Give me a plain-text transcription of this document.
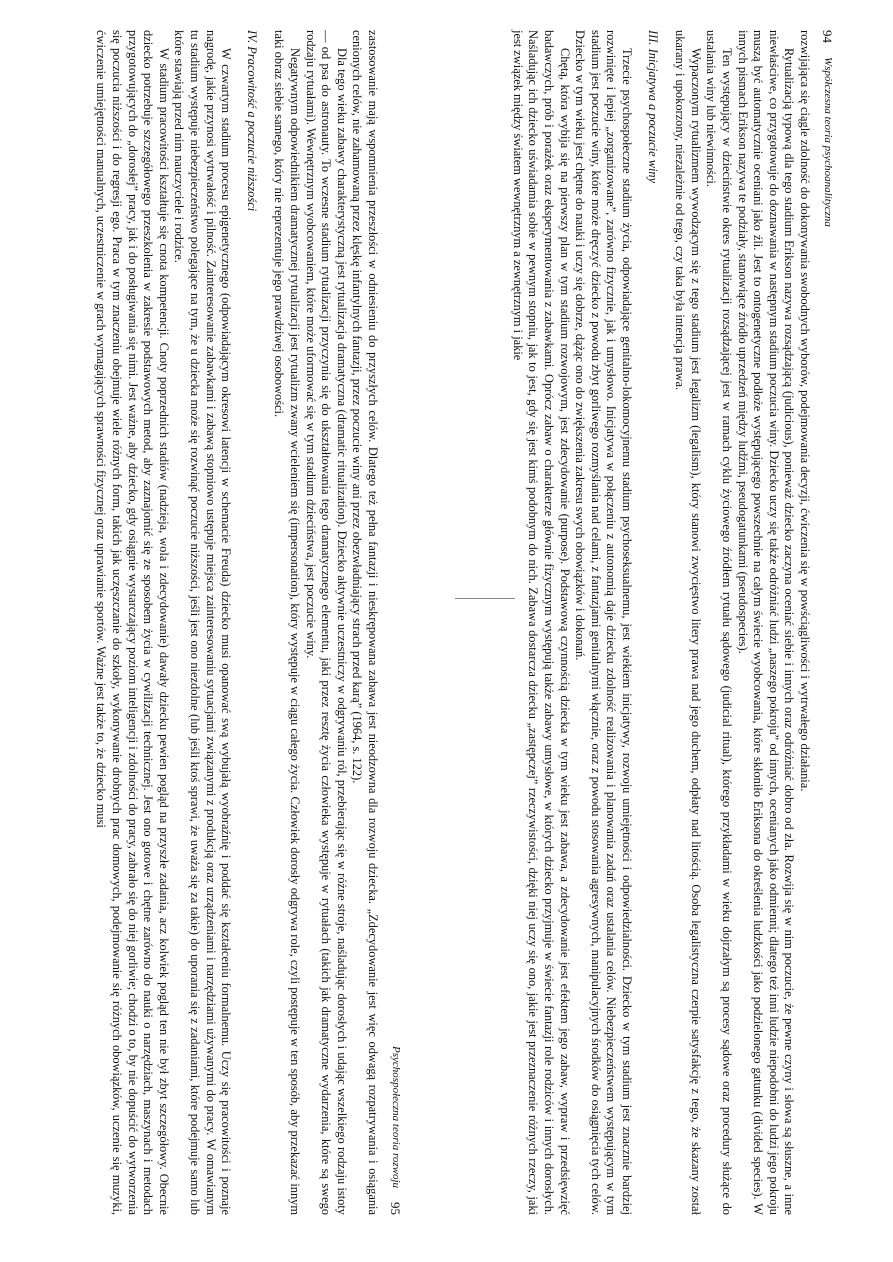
94
Współczesna teoria psychoanalityczna

rozwijająca się ciągle zdolność do dokonywania swobodnych wyborów, podejmowania decyzji, ćwiczenia się w powściągliwości i wytrwałego działania.

Rytualizacją typową dla tego stadium Erikson nazywa rozsądzającą (judicious), ponieważ dziecko zaczyna oceniać siebie i innych oraz odróżniać dobro od zła. Rozwija się w nim poczucie, że pewne czyny i słowa są słuszne, a inne niewłaściwe, co przygotowuje do doznawania w następnym stadium poczucia winy. Dziecko uczy się także odróżniać ludzi „naszego pokroju” od innych, ocenianych jako odmienni; dlatego też inni ludzie niepodobni do ludzi jego pokroju muszą być automatycznie oceniani jako źli. Jest to ontogenetyczne podłoże występującego powszechnie na całym świecie wyobcowania, które skłoniło Eriksona do określenia ludzkości jako podzielonego gatunku (divided species). W innych pismach Erikson nazywa te podziały, stanowiące źródło uprzedzeń między ludźmi, pseudogatunkami (pseudospecies).

Ten występujący w dzieciństwie okres rytualizacji rozsądzającej jest w ramach cyklu życiowego źródłem rytuału sądowego (judicial ritual), którego przykładami w wieku dojrzałym są procesy sądowe oraz procedury służące do ustalania winy lub niewinności.

Wypaczonym rytualizmem wywodzącym się z tego stadium jest legalizm (legalism), który stanowi zwycięstwo litery prawa nad jego duchem, odpłaty nad litością. Osoba legalistyczna czerpie satysfakcję z tego, że skazany został ukarany i upokorzony, niezależnie od tego, czy taka była intencja prawa.

III. Inicjatywa a poczucie winy

Trzecie psychospołeczne stadium życia, odpowiadające genitalno-lokomocyjnemu stadium psychoseksualnemu, jest wiekiem inicjatywy, rozwoju umiejętności i odpowiedzialności. Dziecko w tym stadium jest znacznie bardziej rozwinięte i lepiej „zorganizowane”, zarówno fizycznie, jak i umysłowo. Inicjatywa w połączeniu z autonomią daje dziecku zdolność realizowania i planowania zadań oraz ustalania celów. Niebezpieczeństwem występującym w tym stadium jest poczucie winy, które może dręczyć dziecko z powodu zbyt gorliwego rozmyślania nad celami, z fantazjami genitalnymi włącznie, oraz z powodu stosowania agresywnych, manipulacyjnych środków do osiągnięcia tych celów. Dziecko w tym wieku jest chętne do nauki i uczy się dobrze, dążąc ono do zwiększenia zakresu swych obowiązków i dokonań.

Chętą, która wybija się na pierwszy plan w tym stadium rozwojowym, jest zdecydowanie (purpose). Podstawową czynnością dziecka w tym wieku jest zabawa, a zdecydowanie jest efektem jego zabaw, wypraw i przedsięwzięć badawczych, prób i porażek oraz eksperymentowania z zabawkami. Oprócz zabaw o charakterze głównie fizycznym występują także zabawy umysłowe, w których dziecko przyjmuje w świecie fantazji role rodziców i innych dorosłych. Naśladując ich dziecko uświadamia sobie w pewnym stopniu, jak to jest, gdy się jest kimś podobnym do nich. Zabawa dostarcza dziecku „zastępczej” rzeczywistości, dzięki niej uczy się ono, jakie jest przeznaczenie różnych rzeczy, jaki jest związek między światem wewnętrznym a zewnętrznym i jakie

Psychospołeczna teoria rozwoju
95

zastosowanie mają wspomnienia przeszłości w odniesieniu do przyszłych celów. Dlatego też pełna fantazji i nieskrępowana zabawa jest nieodzowna dla rozwoju dziecka. „Zdecydowanie jest więc odwagą rozpatrywania i osiągania cenionych celów, nie zahamowaną przez klęskę infantylnych fantazji, przez poczucie winy ani przez obezwładniający strach przed karą” (1964, s. 122).

Dla tego wieku zabawy charakterystyczną jest rytualizacja dramatyczna (dramatic ritualization). Dziecko aktywnie uczestniczy w odgrywaniu ról, przebierając się w różne stroje, naśladując dorosłych i udając wszelkiego rodzaju istoty — od psa do astronauty. To wczesne stadium rytualizacji przyczynia się do ukształtowania tego dramatycznego elementu, jaki przez resztę życia człowieka występuje w rytuałach (takich jak dramatyczne wydarzenia, które są swego rodzaju rytuałami). Wewnętrznym wyobcowaniem, które może uformować się w tym stadium dzieciństwa, jest poczucie winy.

Negatywnym odpowiednikiem dramatycznej rytualizacji jest rytualizm zwany wcieleniem się (impersonation), który występuje w ciągu całego życia. Człowiek dorosły odgrywa role, czyli postępuje w ten sposób, aby przekazać innym taki obraz siebie samego, który nie reprezentuje jego prawdziwej osobowości.

IV. Pracowitość a poczucie niższości

W czwartym stadium procesu epigenetycznego (odpowiadającym okresowi latencji w schemacie Freuda) dziecko musi opanować swą wybujałą wyobraźnię i poddać się kształceniu formalnemu. Uczy się pracowitości i poznaje nagrodę, jakie przynosi wytrwałość i pilność. Zainteresowanie zabawkami i zabawą stopniowo ustępuje miejsca zainteresowaniu sytuacjami związanymi z produkcją oraz urządzeniami i narzędziami używanymi do pracy. W omawianym tu stadium występuje niebezpieczeństwo polegające na tym, że u dziecka może się rozwinąć poczucie niższości, jeśli jest ono niezdolne (lub jeśli ktoś sprawi, że uważa się za takie) do uporania się z zadaniami, które podejmuje samo lub które stawiają przed nim nauczyciele i rodzice.

W stadium pracowitości kształtuje się cnota kompetencji. Cnoty poprzednich stadiów (nadzieja, wola i zdecydowanie) dawały dziecku pewien pogląd na przyszłe zadania, acz kolwiek pogląd ten nie był zbyt szczegółowy. Obecnie dziecko potrzebuje szczegółowego przeszkolenia w zakresie podstawowych metod, aby zaznajomić się ze sposobem życia w cywilizacji technicznej. Jest ono gotowe i chętne zarówno do nauki o narzędziach, maszynach i metodach przygotowujących do „dorosłej” pracy, jak i do posługiwania się nimi. Jest ważne, aby dziecko, gdy osiągnie wystarczający poziom inteligencji i zdolności do pracy, zabrało się do niej gorliwie; chodzi o to, by nie dopuścić do wytworzenia się poczucia niższości i do regresji ego. Praca w tym znaczeniu obejmuje wiele różnych form, takich jak uczęszczanie do szkoły, wykonywanie drobnych prac domowych, podejmowanie się różnych obowiązków, uczenie się muzyki, ćwiczenie umiejętności manualnych, uczestniczenie w grach wymagających sprawności fizycznej oraz uprawianie sportów. Ważne jest także to, że dziecko musi
